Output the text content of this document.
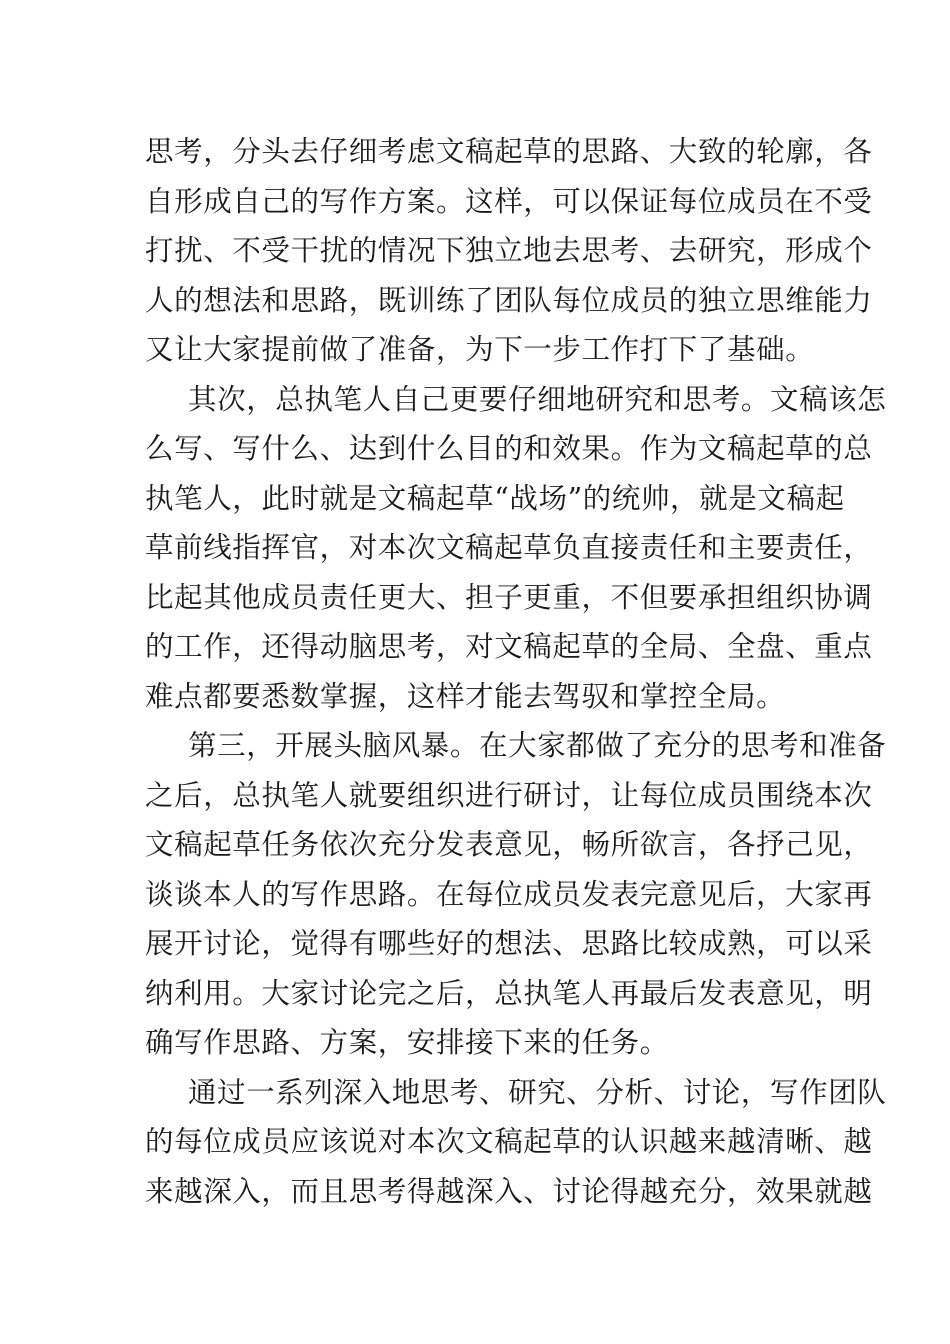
思考，分头去仔细考虑文稿起草的思路、大致的轮廓，各
自形成自己的写作方案。这样，可以保证每位成员在不受
打扰、不受干扰的情况下独立地去思考、去研究，形成个
人的想法和思路，既训练了团队每位成员的独立思维能力
又让大家提前做了准备，为下一步工作打下了基础。
其次，总执笔人自己更要仔细地研究和思考。文稿该怎
么写、写什么、达到什么目的和效果。作为文稿起草的总
执笔人，此时就是文稿起草“战场”的统帅，就是文稿起
草前线指挥官，对本次文稿起草负直接责任和主要责任，
比起其他成员责任更大、担子更重，不但要承担组织协调
的工作，还得动脑思考，对文稿起草的全局、全盘、重点
难点都要悉数掌握，这样才能去驾驭和掌控全局。
第三，开展头脑风暴。在大家都做了充分的思考和准备
之后，总执笔人就要组织进行研讨，让每位成员围绕本次
文稿起草任务依次充分发表意见，畅所欲言，各抒己见，
谈谈本人的写作思路。在每位成员发表完意见后，大家再
展开讨论，觉得有哪些好的想法、思路比较成熟，可以采
纳利用。大家讨论完之后，总执笔人再最后发表意见，明
确写作思路、方案，安排接下来的任务。
通过一系列深入地思考、研究、分析、讨论，写作团队
的每位成员应该说对本次文稿起草的认识越来越清晰、越
来越深入，而且思考得越深入、讨论得越充分，效果就越
